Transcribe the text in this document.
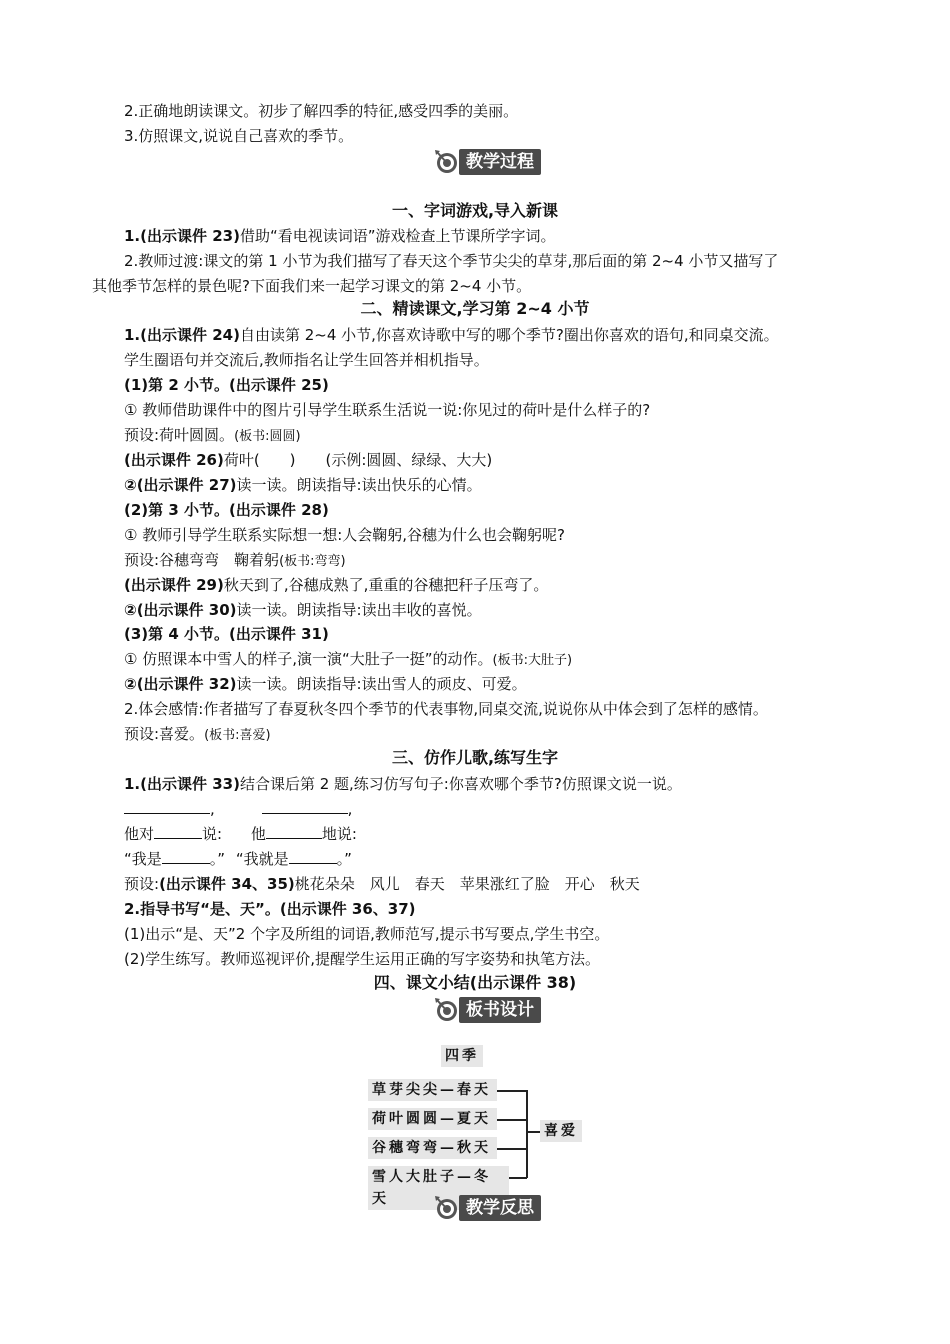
2.正确地朗读课文。初步了解四季的特征,感受四季的美丽。
3.仿照课文,说说自己喜欢的季节。
教学过程
一、字词游戏,导入新课
1.(出示课件 23)借助“看电视读词语”游戏检查上节课所学字词。
2.教师过渡:课文的第 1 小节为我们描写了春天这个季节尖尖的草芽,那后面的第 2~4 小节又描写了
其他季节怎样的景色呢?下面我们来一起学习课文的第 2~4 小节。
二、精读课文,学习第 2~4 小节
1.(出示课件 24)自由读第 2~4 小节,你喜欢诗歌中写的哪个季节?圈出你喜欢的语句,和同桌交流。
学生圈语句并交流后,教师指名让学生回答并相机指导。
(1)第 2 小节。(出示课件 25)
① 教师借助课件中的图片引导学生联系生活说一说:你见过的荷叶是什么样子的?
预设:荷叶圆圆。(板书:圆圆)
(出示课件 26)荷叶(　　)　　(示例:圆圆、绿绿、大大)
②(出示课件 27)读一读。朗读指导:读出快乐的心情。
(2)第 3 小节。(出示课件 28)
① 教师引导学生联系实际想一想:人会鞠躬,谷穗为什么也会鞠躬呢?
预设:谷穗弯弯　鞠着躬(板书:弯弯)
(出示课件 29)秋天到了,谷穗成熟了,重重的谷穗把秆子压弯了。
②(出示课件 30)读一读。朗读指导:读出丰收的喜悦。
(3)第 4 小节。(出示课件 31)
① 仿照课本中雪人的样子,演一演“大肚子一挺”的动作。(板书:大肚子)
②(出示课件 32)读一读。朗读指导:读出雪人的顽皮、可爱。
2.体会感情:作者描写了春夏秋冬四个季节的代表事物,同桌交流,说说你从中体会到了怎样的感情。
预设:喜爱。(板书:喜爱)
三、仿作儿歌,练写生字
1.(出示课件 33)结合课后第 2 题,练习仿写句子:你喜欢哪个季节?仿照课文说一说。
,	,
他对	说: 他	地说:
“我是	。” “我就是	。”
预设:(出示课件 34、35)桃花朵朵　风儿　春天　苹果涨红了脸　开心　秋天
2.指导书写“是、天”。(出示课件 36、37)
(1)出示“是、天”2 个字及所组的词语,教师范写,提示书写要点,学生书空。
(2)学生练写。教师巡视评价,提醒学生运用正确的写字姿势和执笔方法。
四、课文小结(出示课件 38)
板书设计
四季
草芽尖尖—春天
荷叶圆圆—夏天
谷穗弯弯—秋天
雪人大肚子—冬天
喜爱
教学反思
